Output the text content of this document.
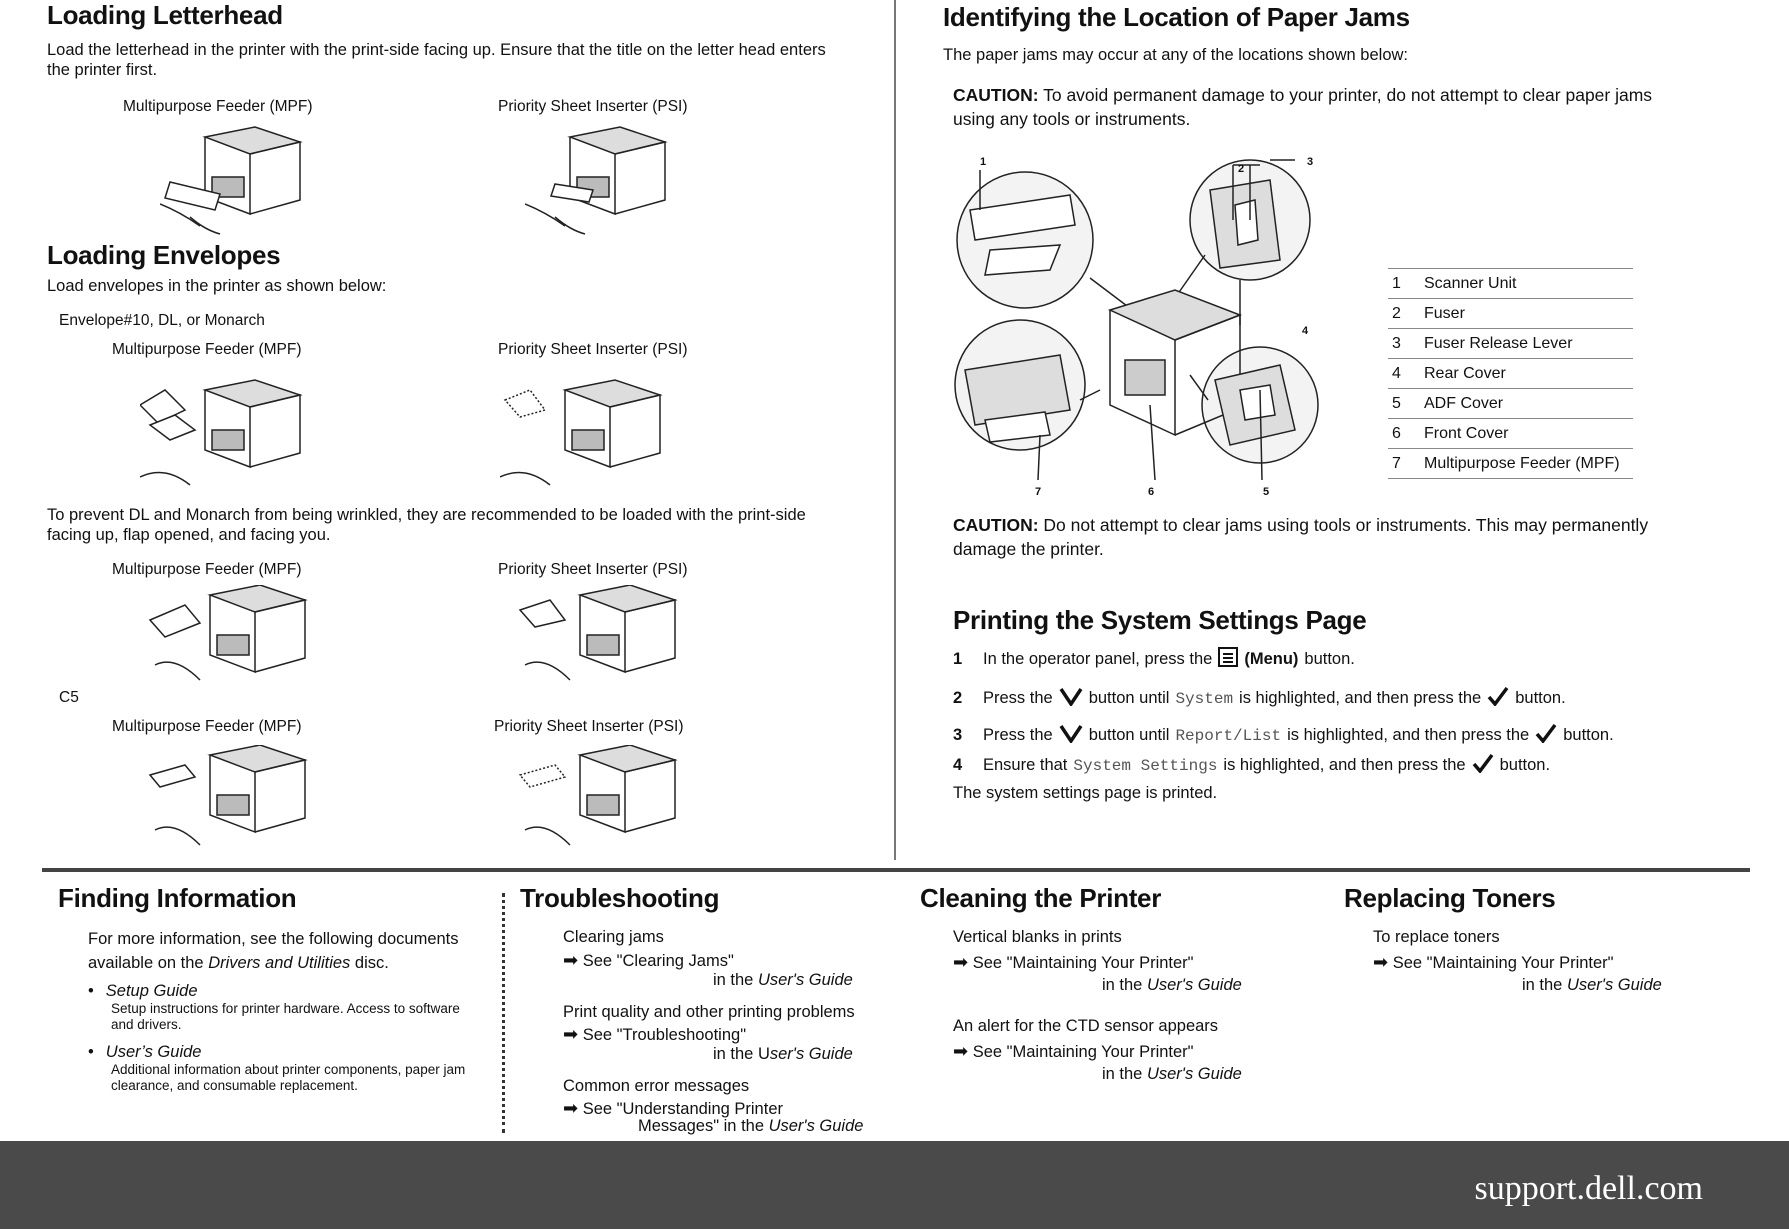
Loading Letterhead
Load the letterhead in the printer with the print-side facing up. Ensure that the title on the letter head enters the printer first.
Multipurpose Feeder (MPF)	Priority Sheet Inserter (PSI)
Loading Envelopes
Load envelopes in the printer as shown below:
Envelope#10, DL, or Monarch
Multipurpose Feeder (MPF)	Priority Sheet Inserter (PSI)
To prevent DL and Monarch from being wrinkled, they are recommended to be loaded with the print-side facing up, flap opened, and facing you.
Multipurpose Feeder (MPF)	Priority Sheet Inserter (PSI)
C5
Multipurpose Feeder (MPF)	Priority Sheet Inserter (PSI)
Identifying the Location of Paper Jams
The paper jams may occur at any of the locations shown below:
CAUTION: To avoid permanent damage to your printer, do not attempt to clear paper jams using any tools or instruments.
1	3
2
4
5
6
7
1	Scanner Unit
2	Fuser
3	Fuser Release Lever
4	Rear Cover
5	ADF Cover
6	Front Cover
7	Multipurpose Feeder (MPF)
CAUTION: Do not attempt to clear jams using tools or instruments. This may permanently damage the printer.
Printing the System Settings Page
1	In the operator panel, press the (Menu) button.
2	Press the button until System is highlighted, and then press the button.
3	Press the button until Report/List is highlighted, and then press the button.
4	Ensure that System Settings is highlighted, and then press the button.
The system settings page is printed.
Finding Information
For more information, see the following documents available on the Drivers and Utilities disc.
• Setup Guide
Setup instructions for printer hardware. Access to software and drivers.
• User’s Guide
Additional information about printer components, paper jam clearance, and consumable replacement.
Troubleshooting
Clearing jams
➡ See "Clearing Jams"
in the User's Guide
Print quality and other printing problems
➡ See "Troubleshooting"
in the User's Guide
Common error messages
➡ See "Understanding Printer
Messages" in the User's Guide
Cleaning the Printer
Vertical blanks in prints
➡ See "Maintaining Your Printer"
in the User's Guide
An alert for the CTD sensor appears
➡ See "Maintaining Your Printer"
in the User's Guide
Replacing Toners
To replace toners
➡ See "Maintaining Your Printer"
in the User's Guide
support.dell.com
